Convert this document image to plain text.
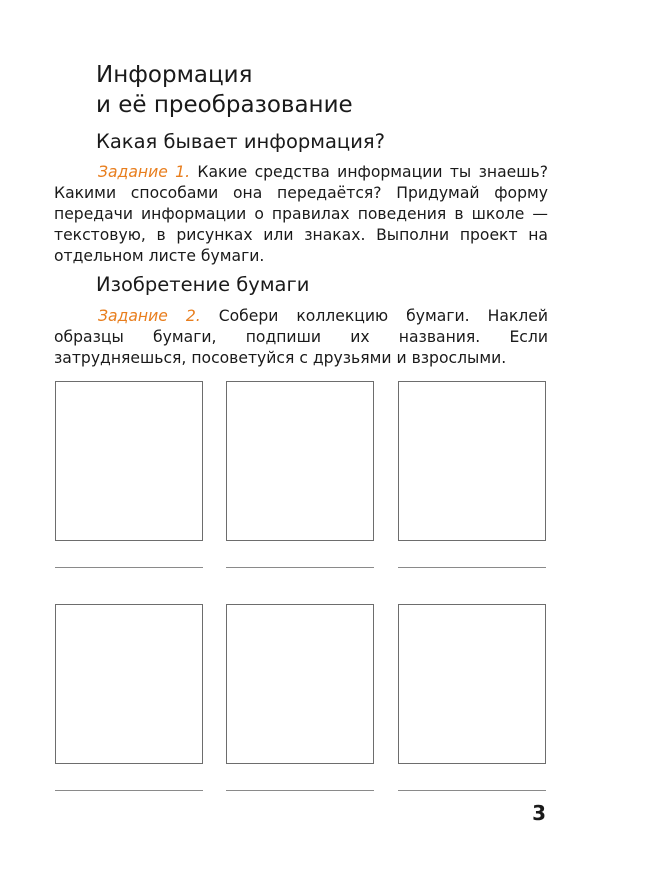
Информация
и её преобразование
Какая бывает информация?

Задание 1. Какие средства информации ты знаешь? Какими способами она передаётся? Придумай форму передачи информации о правилах поведения в школе — текстовую, в рисунках или знаках. Выполни проект на отдельном листе бумаги.

Изобретение бумаги

Задание 2. Собери коллекцию бумаги. Наклей образцы бумаги, подпиши их названия. Если затрудняешься, посоветуйся с друзьями и взрослыми.

3
